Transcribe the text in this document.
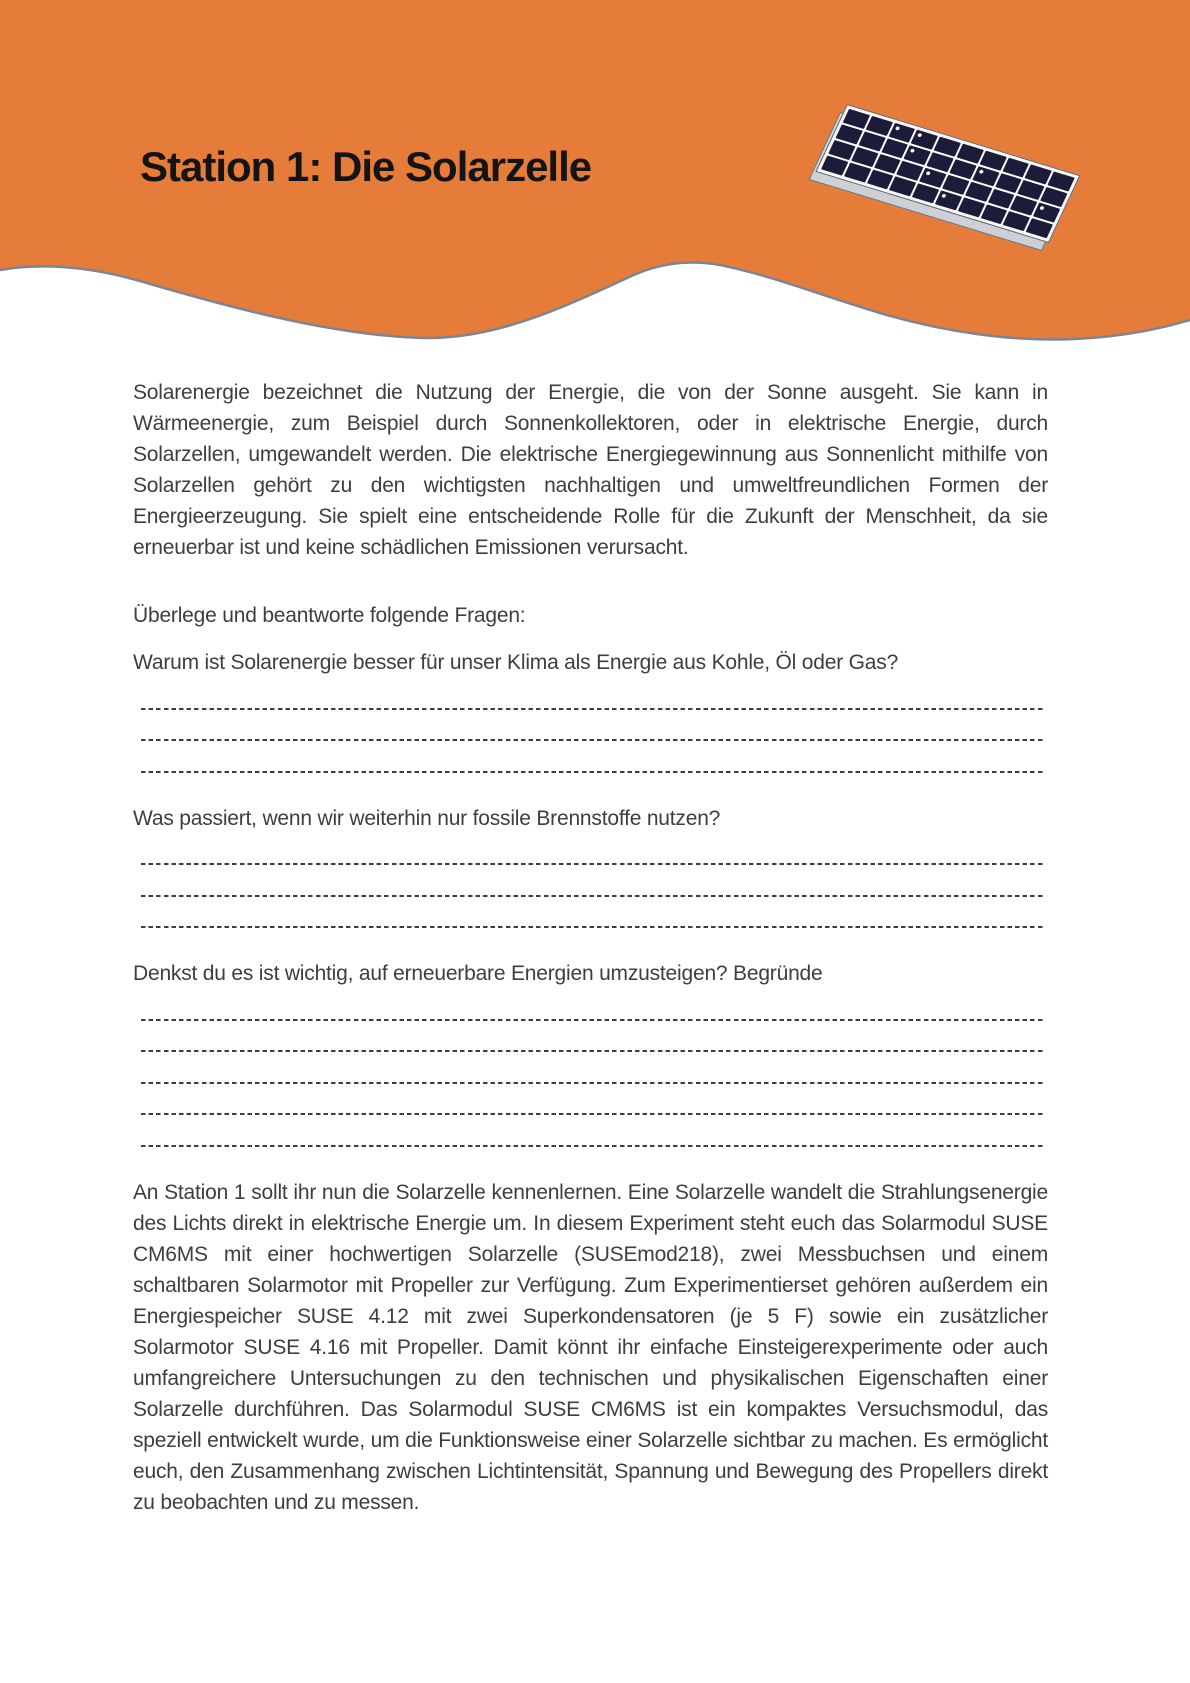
Station 1: Die Solarzelle

Solarenergie bezeichnet die Nutzung der Energie, die von der Sonne ausgeht. Sie kann in Wärmeenergie, zum Beispiel durch Sonnenkollektoren, oder in elektrische Energie, durch Solarzellen, umgewandelt werden. Die elektrische Energiegewinnung aus Sonnenlicht mithilfe von Solarzellen gehört zu den wichtigsten nachhaltigen und umweltfreundlichen Formen der Energieerzeugung. Sie spielt eine entscheidende Rolle für die Zukunft der Menschheit, da sie erneuerbar ist und keine schädlichen Emissionen verursacht.

Überlege und beantworte folgende Fragen:

Warum ist Solarenergie besser für unser Klima als Energie aus Kohle, Öl oder Gas?

Was passiert, wenn wir weiterhin nur fossile Brennstoffe nutzen?

Denkst du es ist wichtig, auf erneuerbare Energien umzusteigen? Begründe

An Station 1 sollt ihr nun die Solarzelle kennenlernen. Eine Solarzelle wandelt die Strahlungsenergie des Lichts direkt in elektrische Energie um. In diesem Experiment steht euch das Solarmodul SUSE CM6MS mit einer hochwertigen Solarzelle (SUSEmod218), zwei Messbuchsen und einem schaltbaren Solarmotor mit Propeller zur Verfügung. Zum Experimentierset gehören außerdem ein Energiespeicher SUSE 4.12 mit zwei Superkondensatoren (je 5 F) sowie ein zusätzlicher Solarmotor SUSE 4.16 mit Propeller. Damit könnt ihr einfache Einsteigerexperimente oder auch umfangreichere Untersuchungen zu den technischen und physikalischen Eigenschaften einer Solarzelle durchführen. Das Solarmodul SUSE CM6MS ist ein kompaktes Versuchsmodul, das speziell entwickelt wurde, um die Funktionsweise einer Solarzelle sichtbar zu machen. Es ermöglicht euch, den Zusammenhang zwischen Lichtintensität, Spannung und Bewegung des Propellers direkt zu beobachten und zu messen.
